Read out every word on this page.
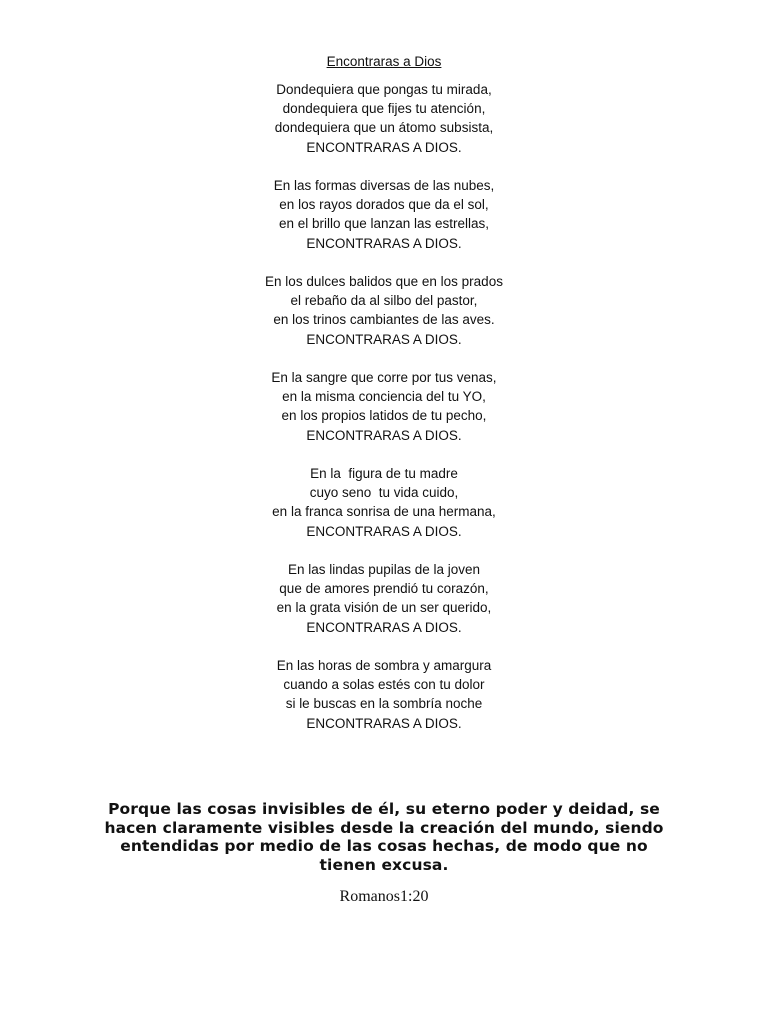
Encontraras a Dios
Dondequiera que pongas tu mirada,
dondequiera que fijes tu atención,
dondequiera que un átomo subsista,
ENCONTRARAS A DIOS.
En las formas diversas de las nubes,
en los rayos dorados que da el sol,
en el brillo que lanzan las estrellas,
ENCONTRARAS A DIOS.
En los dulces balidos que en los prados
el rebaño da al silbo del pastor,
en los trinos cambiantes de las aves.
ENCONTRARAS A DIOS.
En la sangre que corre por tus venas,
en la misma conciencia del tu YO,
en los propios latidos de tu pecho,
ENCONTRARAS A DIOS.
En la  figura de tu madre
cuyo seno  tu vida cuido,
en la franca sonrisa de una hermana,
ENCONTRARAS A DIOS.
En las lindas pupilas de la joven
que de amores prendió tu corazón,
en la grata visión de un ser querido,
ENCONTRARAS A DIOS.
En las horas de sombra y amargura
cuando a solas estés con tu dolor
si le buscas en la sombría noche
ENCONTRARAS A DIOS.
Porque las cosas invisibles de él, su eterno poder y deidad, se hacen claramente visibles desde la creación del mundo, siendo entendidas por medio de las cosas hechas, de modo que no tienen excusa.
Romanos1:20
